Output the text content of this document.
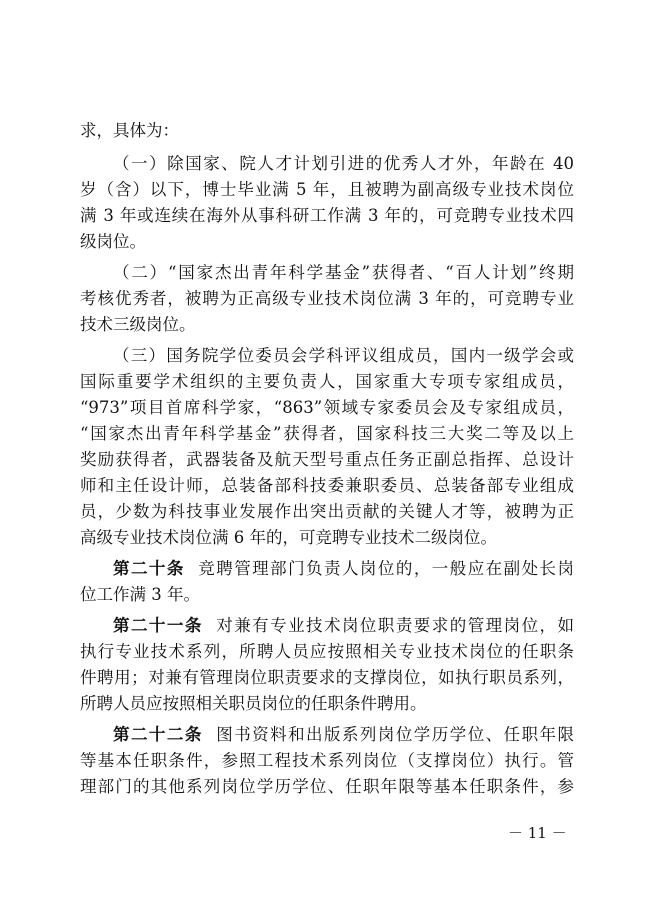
求，具体为：
（一）除国家、院人才计划引进的优秀人才外，年龄在 40
岁（含）以下，博士毕业满 5 年，且被聘为副高级专业技术岗位
满 3 年或连续在海外从事科研工作满 3 年的，可竞聘专业技术四
级岗位。
（二）“国家杰出青年科学基金”获得者、“百人计划”终期
考核优秀者，被聘为正高级专业技术岗位满 3 年的，可竞聘专业
技术三级岗位。
（三）国务院学位委员会学科评议组成员，国内一级学会或
国际重要学术组织的主要负责人，国家重大专项专家组成员，
“973”项目首席科学家，“863”领域专家委员会及专家组成员，
“国家杰出青年科学基金”获得者，国家科技三大奖二等及以上
奖励获得者，武器装备及航天型号重点任务正副总指挥、总设计
师和主任设计师，总装备部科技委兼职委员、总装备部专业组成
员，少数为科技事业发展作出突出贡献的关键人才等，被聘为正
高级专业技术岗位满 6 年的，可竞聘专业技术二级岗位。
第二十条 竞聘管理部门负责人岗位的，一般应在副处长岗
位工作满 3 年。
第二十一条 对兼有专业技术岗位职责要求的管理岗位，如
执行专业技术系列，所聘人员应按照相关专业技术岗位的任职条
件聘用；对兼有管理岗位职责要求的支撑岗位，如执行职员系列，
所聘人员应按照相关职员岗位的任职条件聘用。
第二十二条 图书资料和出版系列岗位学历学位、任职年限
等基本任职条件，参照工程技术系列岗位（支撑岗位）执行。管
理部门的其他系列岗位学历学位、任职年限等基本任职条件，参
－ 11 －
